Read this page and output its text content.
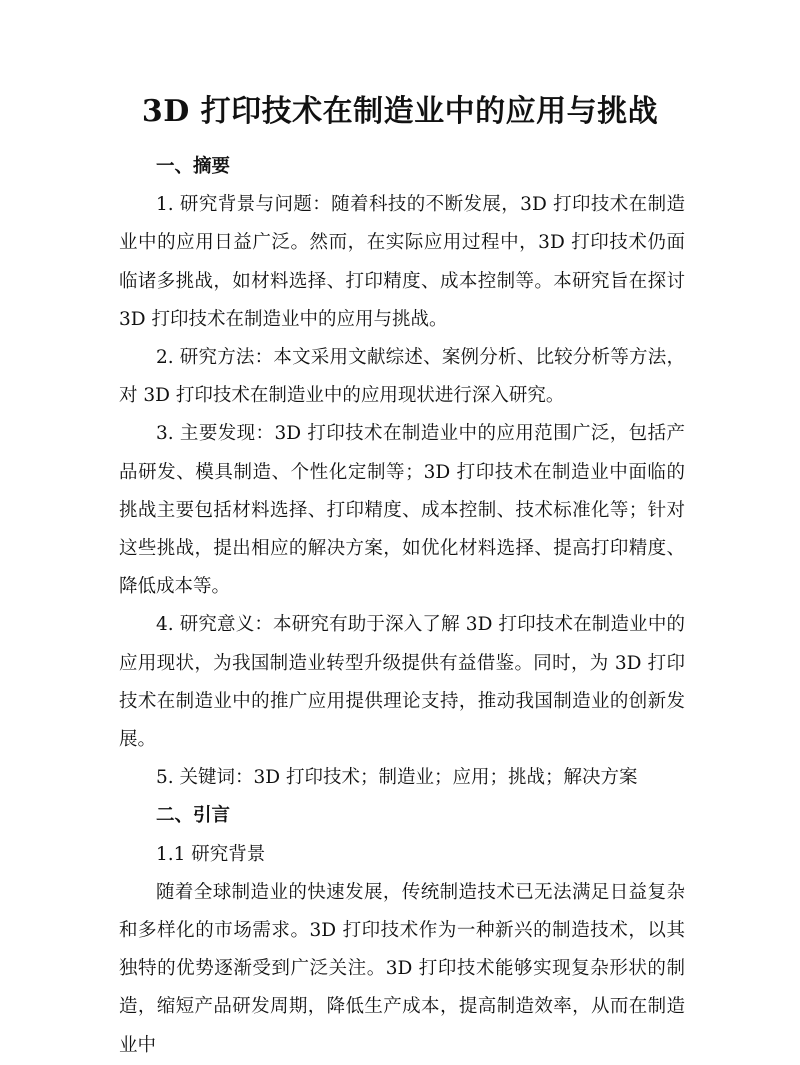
3D 打印技术在制造业中的应用与挑战

一、摘要

1. 研究背景与问题：随着科技的不断发展，3D 打印技术在制造业中的应用日益广泛。然而，在实际应用过程中，3D 打印技术仍面临诸多挑战，如材料选择、打印精度、成本控制等。本研究旨在探讨 3D 打印技术在制造业中的应用与挑战。

2. 研究方法：本文采用文献综述、案例分析、比较分析等方法，对 3D 打印技术在制造业中的应用现状进行深入研究。

3. 主要发现：3D 打印技术在制造业中的应用范围广泛，包括产品研发、模具制造、个性化定制等；3D 打印技术在制造业中面临的挑战主要包括材料选择、打印精度、成本控制、技术标准化等；针对这些挑战，提出相应的解决方案，如优化材料选择、提高打印精度、降低成本等。

4. 研究意义：本研究有助于深入了解 3D 打印技术在制造业中的应用现状，为我国制造业转型升级提供有益借鉴。同时，为 3D 打印技术在制造业中的推广应用提供理论支持，推动我国制造业的创新发展。

5. 关键词：3D 打印技术；制造业；应用；挑战；解决方案

二、引言

1.1 研究背景

随着全球制造业的快速发展，传统制造技术已无法满足日益复杂和多样化的市场需求。3D 打印技术作为一种新兴的制造技术，以其独特的优势逐渐受到广泛关注。3D 打印技术能够实现复杂形状的制造，缩短产品研发周期，降低生产成本，提高制造效率，从而在制造业中
